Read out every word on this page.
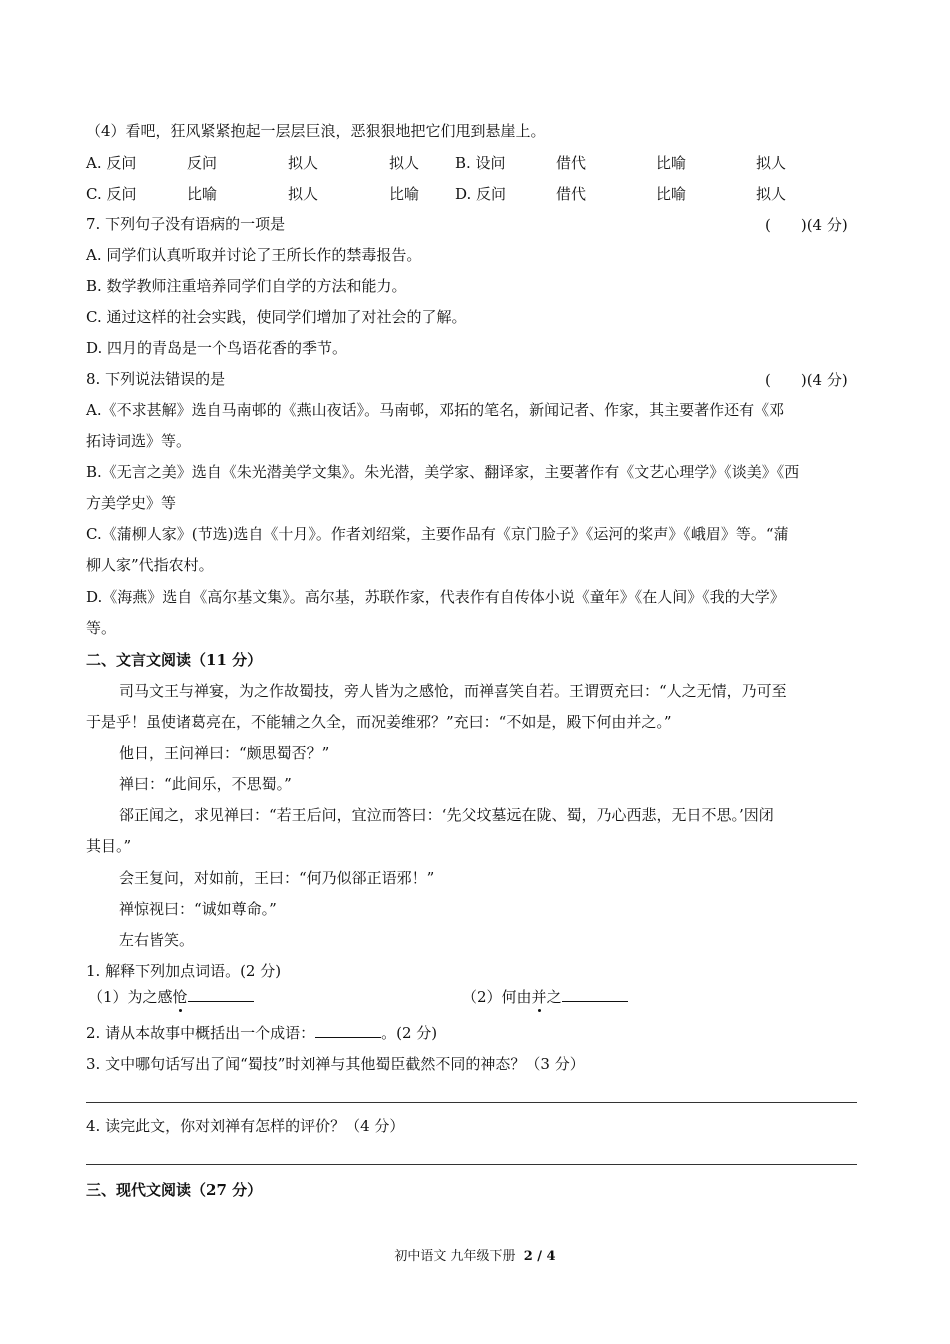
（4）看吧，狂风紧紧抱起一层层巨浪，恶狠狠地把它们甩到悬崖上。
A. 反问	反问	拟人	拟人 B. 设问	借代	比喻	拟人
C. 反问	比喻	拟人	比喻 D. 反问	借代	比喻	拟人
7. 下列句子没有语病的一项是	(　　)(4 分)
A. 同学们认真听取并讨论了王所长作的禁毒报告。
B. 数学教师注重培养同学们自学的方法和能力。
C. 通过这样的社会实践，使同学们增加了对社会的了解。
D. 四月的青岛是一个鸟语花香的季节。
8. 下列说法错误的是	(　　)(4 分)
A.《不求甚解》选自马南邨的《燕山夜话》。马南邨，邓拓的笔名，新闻记者、作家，其主要著作还有《邓
拓诗词选》等。
B.《无言之美》选自《朱光潜美学文集》。朱光潜，美学家、翻译家，主要著作有《文艺心理学》《谈美》《西
方美学史》等
C.《蒲柳人家》(节选)选自《十月》。作者刘绍棠，主要作品有《京门脸子》《运河的桨声》《峨眉》等。“蒲
柳人家”代指农村。
D.《海燕》选自《高尔基文集》。高尔基，苏联作家，代表作有自传体小说《童年》《在人间》《我的大学》
等。
二、文言文阅读（11 分）
司马文王与禅宴，为之作故蜀技，旁人皆为之感怆，而禅喜笑自若。王谓贾充曰：“人之无情，乃可至
于是乎！虽使诸葛亮在，不能辅之久全，而况姜维邪？”充曰：“不如是，殿下何由并之。”
他日，王问禅曰：“颇思蜀否？”
禅曰：“此间乐，不思蜀。”
郤正闻之，求见禅曰：“若王后问，宜泣而答曰：‘先父坟墓远在陇、蜀，乃心西悲，无日不思。’因闭
其目。”
会王复问，对如前，王曰：“何乃似郤正语邪！”
禅惊视曰：“诚如尊命。”
左右皆笑。
1. 解释下列加点词语。(2 分)
（1）为之感怆	（2）何由并之
2. 请从本故事中概括出一个成语：	。(2 分)
3. 文中哪句话写出了闻“蜀技”时刘禅与其他蜀臣截然不同的神态？（3 分）
4. 读完此文，你对刘禅有怎样的评价？（4 分）
三、现代文阅读（27 分）
初中语文 九年级下册 2 / 4
